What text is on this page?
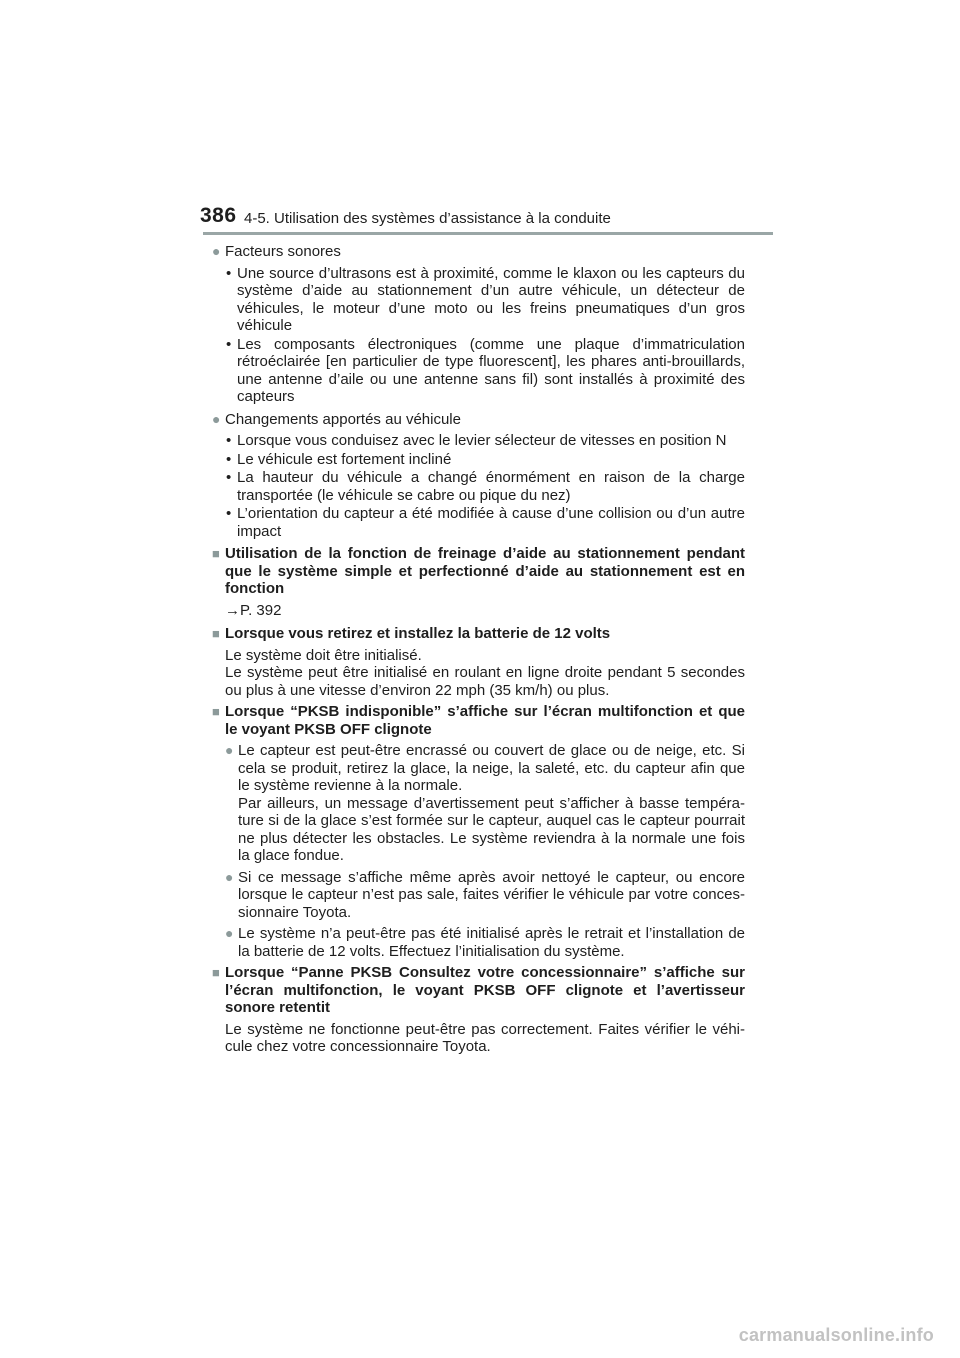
386 4-5. Utilisation des systèmes d’assistance à la conduite
● Facteurs sonores
• Une source d’ultrasons est à proximité, comme le klaxon ou les capteurs du système d’aide au stationnement d’un autre véhicule, un détecteur de véhicules, le moteur d’une moto ou les freins pneumatiques d’un gros véhicule
• Les composants électroniques (comme une plaque d’immatriculation rétroéclairée [en particulier de type fluorescent], les phares anti-brouillards, une antenne d’aile ou une antenne sans fil) sont installés à proximité des capteurs
● Changements apportés au véhicule
• Lorsque vous conduisez avec le levier sélecteur de vitesses en position N
• Le véhicule est fortement incliné
• La hauteur du véhicule a changé énormément en raison de la charge transportée (le véhicule se cabre ou pique du nez)
• L’orientation du capteur a été modifiée à cause d’une collision ou d’un autre impact
■ Utilisation de la fonction de freinage d’aide au stationnement pendant que le système simple et perfectionné d’aide au stationnement est en fonction
→P. 392
■ Lorsque vous retirez et installez la batterie de 12 volts
Le système doit être initialisé.
Le système peut être initialisé en roulant en ligne droite pendant 5 secondes ou plus à une vitesse d’environ 22 mph (35 km/h) ou plus.
■ Lorsque “PKSB indisponible” s’affiche sur l’écran multifonction et que le voyant PKSB OFF clignote
● Le capteur est peut-être encrassé ou couvert de glace ou de neige, etc. Si cela se produit, retirez la glace, la neige, la saleté, etc. du capteur afin que le système revienne à la normale.
Par ailleurs, un message d’avertissement peut s’afficher à basse tempéra-ture si de la glace s’est formée sur le capteur, auquel cas le capteur pourrait ne plus détecter les obstacles. Le système reviendra à la normale une fois la glace fondue.
● Si ce message s’affiche même après avoir nettoyé le capteur, ou encore lorsque le capteur n’est pas sale, faites vérifier le véhicule par votre conces-sionnaire Toyota.
● Le système n’a peut-être pas été initialisé après le retrait et l’installation de la batterie de 12 volts. Effectuez l’initialisation du système.
■ Lorsque “Panne PKSB Consultez votre concessionnaire” s’affiche sur l’écran multifonction, le voyant PKSB OFF clignote et l’avertisseur sonore retentit
Le système ne fonctionne peut-être pas correctement. Faites vérifier le véhi-cule chez votre concessionnaire Toyota.
carmanualsonline.info
